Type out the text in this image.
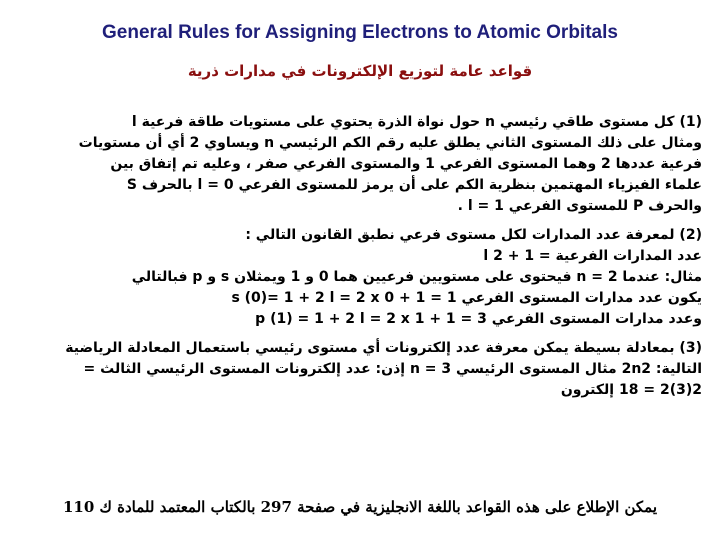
General Rules for Assigning Electrons to Atomic Orbitals
قواعد عامة لتوزيع الإلكترونات في مدارات ذرية
(1) كل مستوى طاقي رئيسي n حول نواة الذرة يحتوي على مستويات طاقة فرعية l
ومثال على ذلك المستوى الثاني يطلق عليه رقم الكم الرئيسي n ويساوي 2 أي أن مستويات
فرعية عددها 2 وهما المستوى الفرعي 1 والمستوى الفرعي صفر ، وعليه تم إتفاق بين
علماء الفيزياء المهتمين بنظرية الكم على أن يرمز للمستوى الفرعي l = 0 بالحرف S
والحرف P للمستوى الفرعي l = 1 .
(2) لمعرفة عدد المدارات لكل مستوى فرعي نطبق القانون التالي :
عدد المدارات الفرعية = 1 + 2 l
مثال: عندما n = 2 فيحتوى على مستويين فرعيين هما 0 و 1 ويمثلان s و p فبالتالي
يكون عدد مدارات المستوى الفرعي s (0)= 1 + 2 l = 2 x 0 + 1 = 1
وعدد مدارات المستوى الفرعي p (1) = 1 + 2 l = 2 x 1 + 1 = 3
(3) بمعادلة بسيطة يمكن معرفة عدد إلكترونات أي مستوى رئيسي باستعمال المعادلة الرياضية
التالية: 2n2 مثال المستوى الرئيسي n = 3 إذن: عدد إلكترونات المستوى الرئيسي الثالث =
2(3)2 = 18 إلكترون
يمكن الإطلاع على هذه القواعد باللغة الانجليزية في صفحة 297 بالكتاب المعتمد للمادة ك 110
